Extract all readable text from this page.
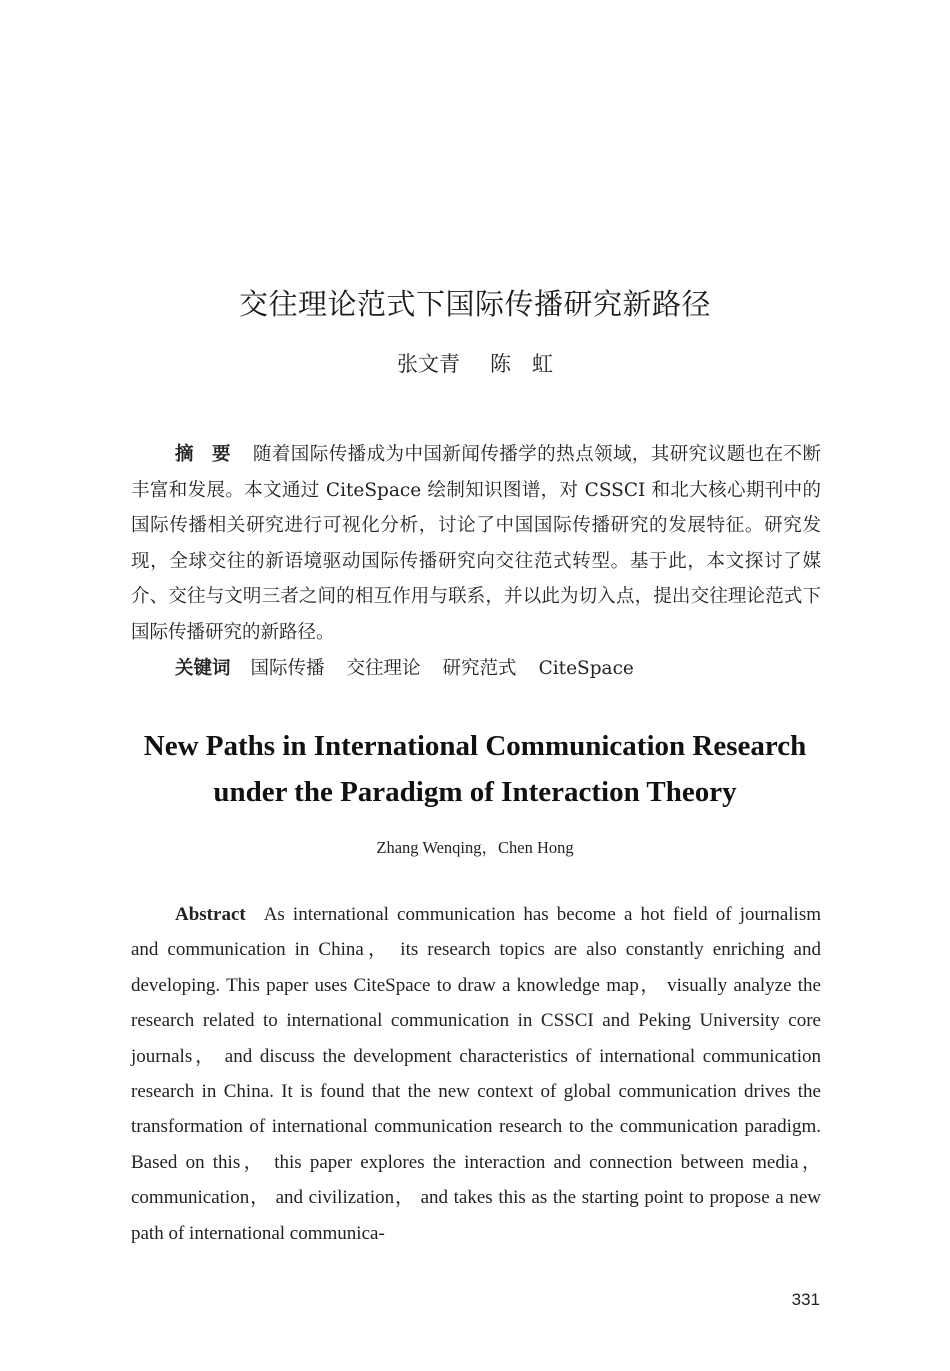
交往理论范式下国际传播研究新路径
张文青 陈　虹

摘要 随着国际传播成为中国新闻传播学的热点领域，其研究议题也在不断丰富和发展。本文通过 CiteSpace 绘制知识图谱，对 CSSCI 和北大核心期刊中的国际传播相关研究进行可视化分析，讨论了中国国际传播研究的发展特征。研究发现，全球交往的新语境驱动国际传播研究向交往范式转型。基于此，本文探讨了媒介、交往与文明三者之间的相互作用与联系，并以此为切入点，提出交往理论范式下国际传播研究的新路径。

关键词 国际传播 交往理论 研究范式 CiteSpace
New Paths in International Communication Research
under the Paradigm of Interaction Theory
Zhang Wenqing，Chen Hong

Abstract As international communication has become a hot field of journalism and communication in China， its research topics are also constantly enriching and developing. This paper uses CiteSpace to draw a knowledge map， visually analyze the research related to international communication in CSSCI and Peking University core journals， and discuss the development characteristics of international communication research in China. It is found that the new context of global communication drives the transformation of international communication research to the communication paradigm. Based on this， this paper explores the interaction and connection between media， communication， and civilization， and takes this as the starting point to propose a new path of international communica-

331
